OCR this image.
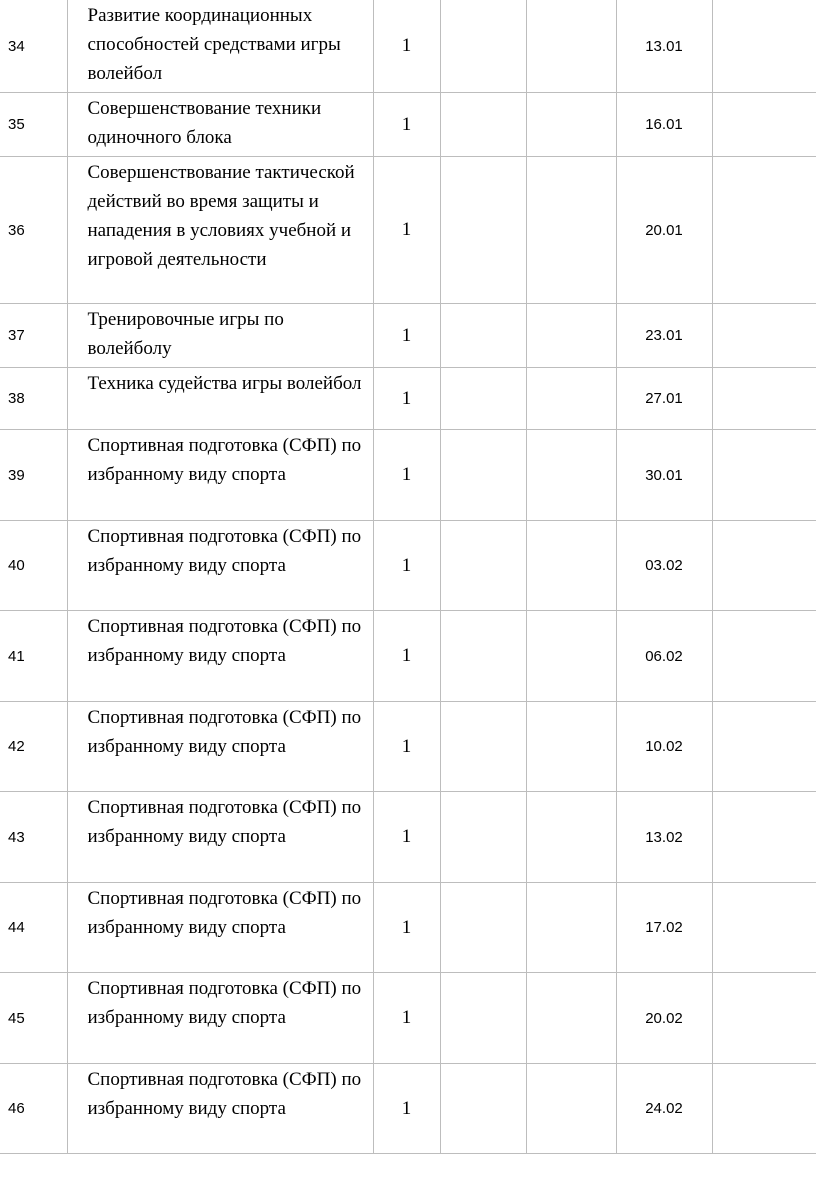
34	Развитие координационных способностей средствами игры волейбол	1			13.01	
35	Совершенствование техники одиночного блока	1			16.01	
36	Совершенствование тактической действий во время защиты и нападения в условиях учебной и игровой деятельности	1			20.01	
37	Тренировочные игры по волейболу	1			23.01	
38	Техника судейства игры волейбол	1			27.01	
39	Спортивная подготовка (СФП) по избранному виду спорта	1			30.01	
40	Спортивная подготовка (СФП) по избранному виду спорта	1			03.02	
41	Спортивная подготовка (СФП) по избранному виду спорта	1			06.02	
42	Спортивная подготовка (СФП) по избранному виду спорта	1			10.02	
43	Спортивная подготовка (СФП) по избранному виду спорта	1			13.02	
44	Спортивная подготовка (СФП) по избранному виду спорта	1			17.02	
45	Спортивная подготовка (СФП) по избранному виду спорта	1			20.02	
46	Спортивная подготовка (СФП) по избранному виду спорта	1			24.02	
